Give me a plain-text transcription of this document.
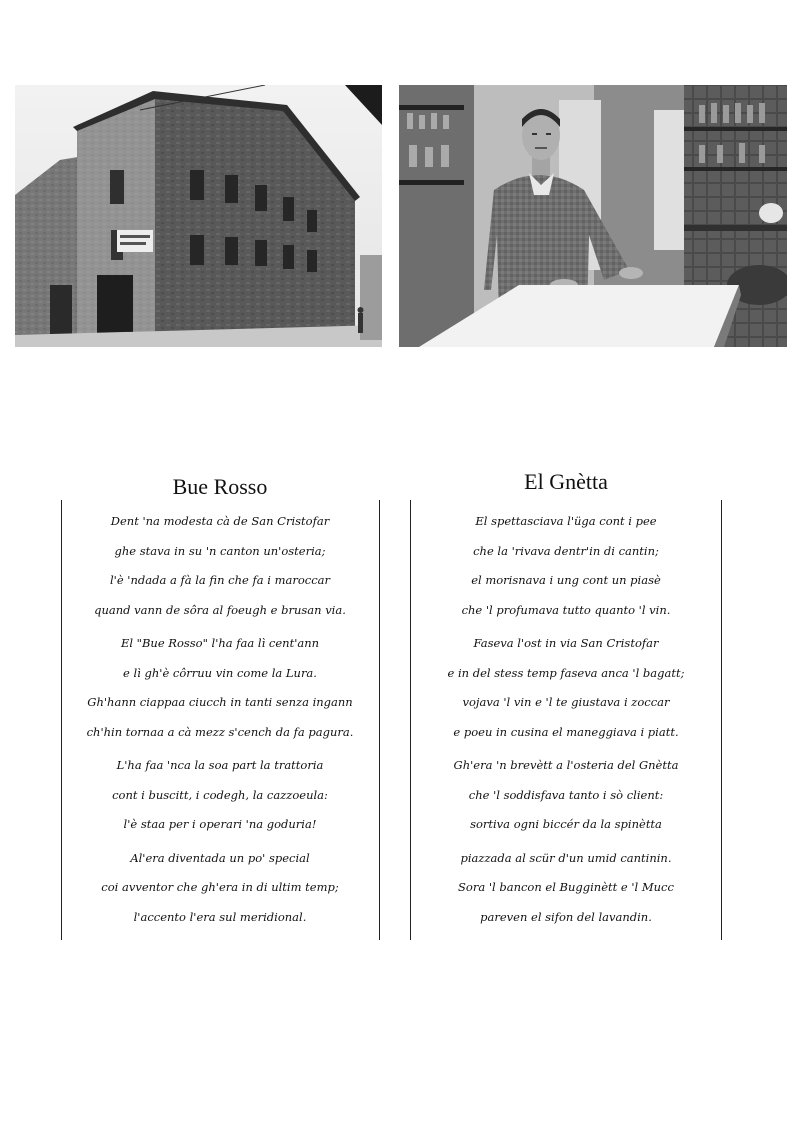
Bue Rosso	El Gnètta
Dent 'na modesta cà de San Cristofar
ghe stava in su 'n canton un'osteria;
l'è 'ndada a fà la fin che fa i maroccar
quand vann de sôra al foeugh e brusan via.
El "Bue Rosso" l'ha faa lì cent'ann
e lì gh'è côrruu vin come la Lura.
Gh'hann ciappaa ciucch in tanti senza ingann
ch'hin tornaa a cà mezz s'cench da fa pagura.
L'ha faa 'nca la soa part la trattoria
cont i buscitt, i codegh, la cazzoeula:
l'è staa per i operari 'na goduria!
Al'era diventada un po' special
coi avventor che gh'era in di ultim temp;
l'accento l'era sul meridional.
El spettasciava l'üga cont i pee
che la 'rivava dentr'in di cantin;
el morisnava i ung cont un piasè
che 'l profumava tutto quanto 'l vin.
Faseva l'ost in via San Cristofar
e in del stess temp faseva anca 'l bagatt;
vojava 'l vin e 'l te giustava i zoccar
e poeu in cusina el maneggiava i piatt.
Gh'era 'n brevètt a l'osteria del Gnètta
che 'l soddisfava tanto i sò client:
sortiva ogni biccér da la spinètta
piazzada al scür d'un umid cantinin.
Sora 'l bancon el Bugginètt e 'l Mucc
pareven el sifon del lavandin.
